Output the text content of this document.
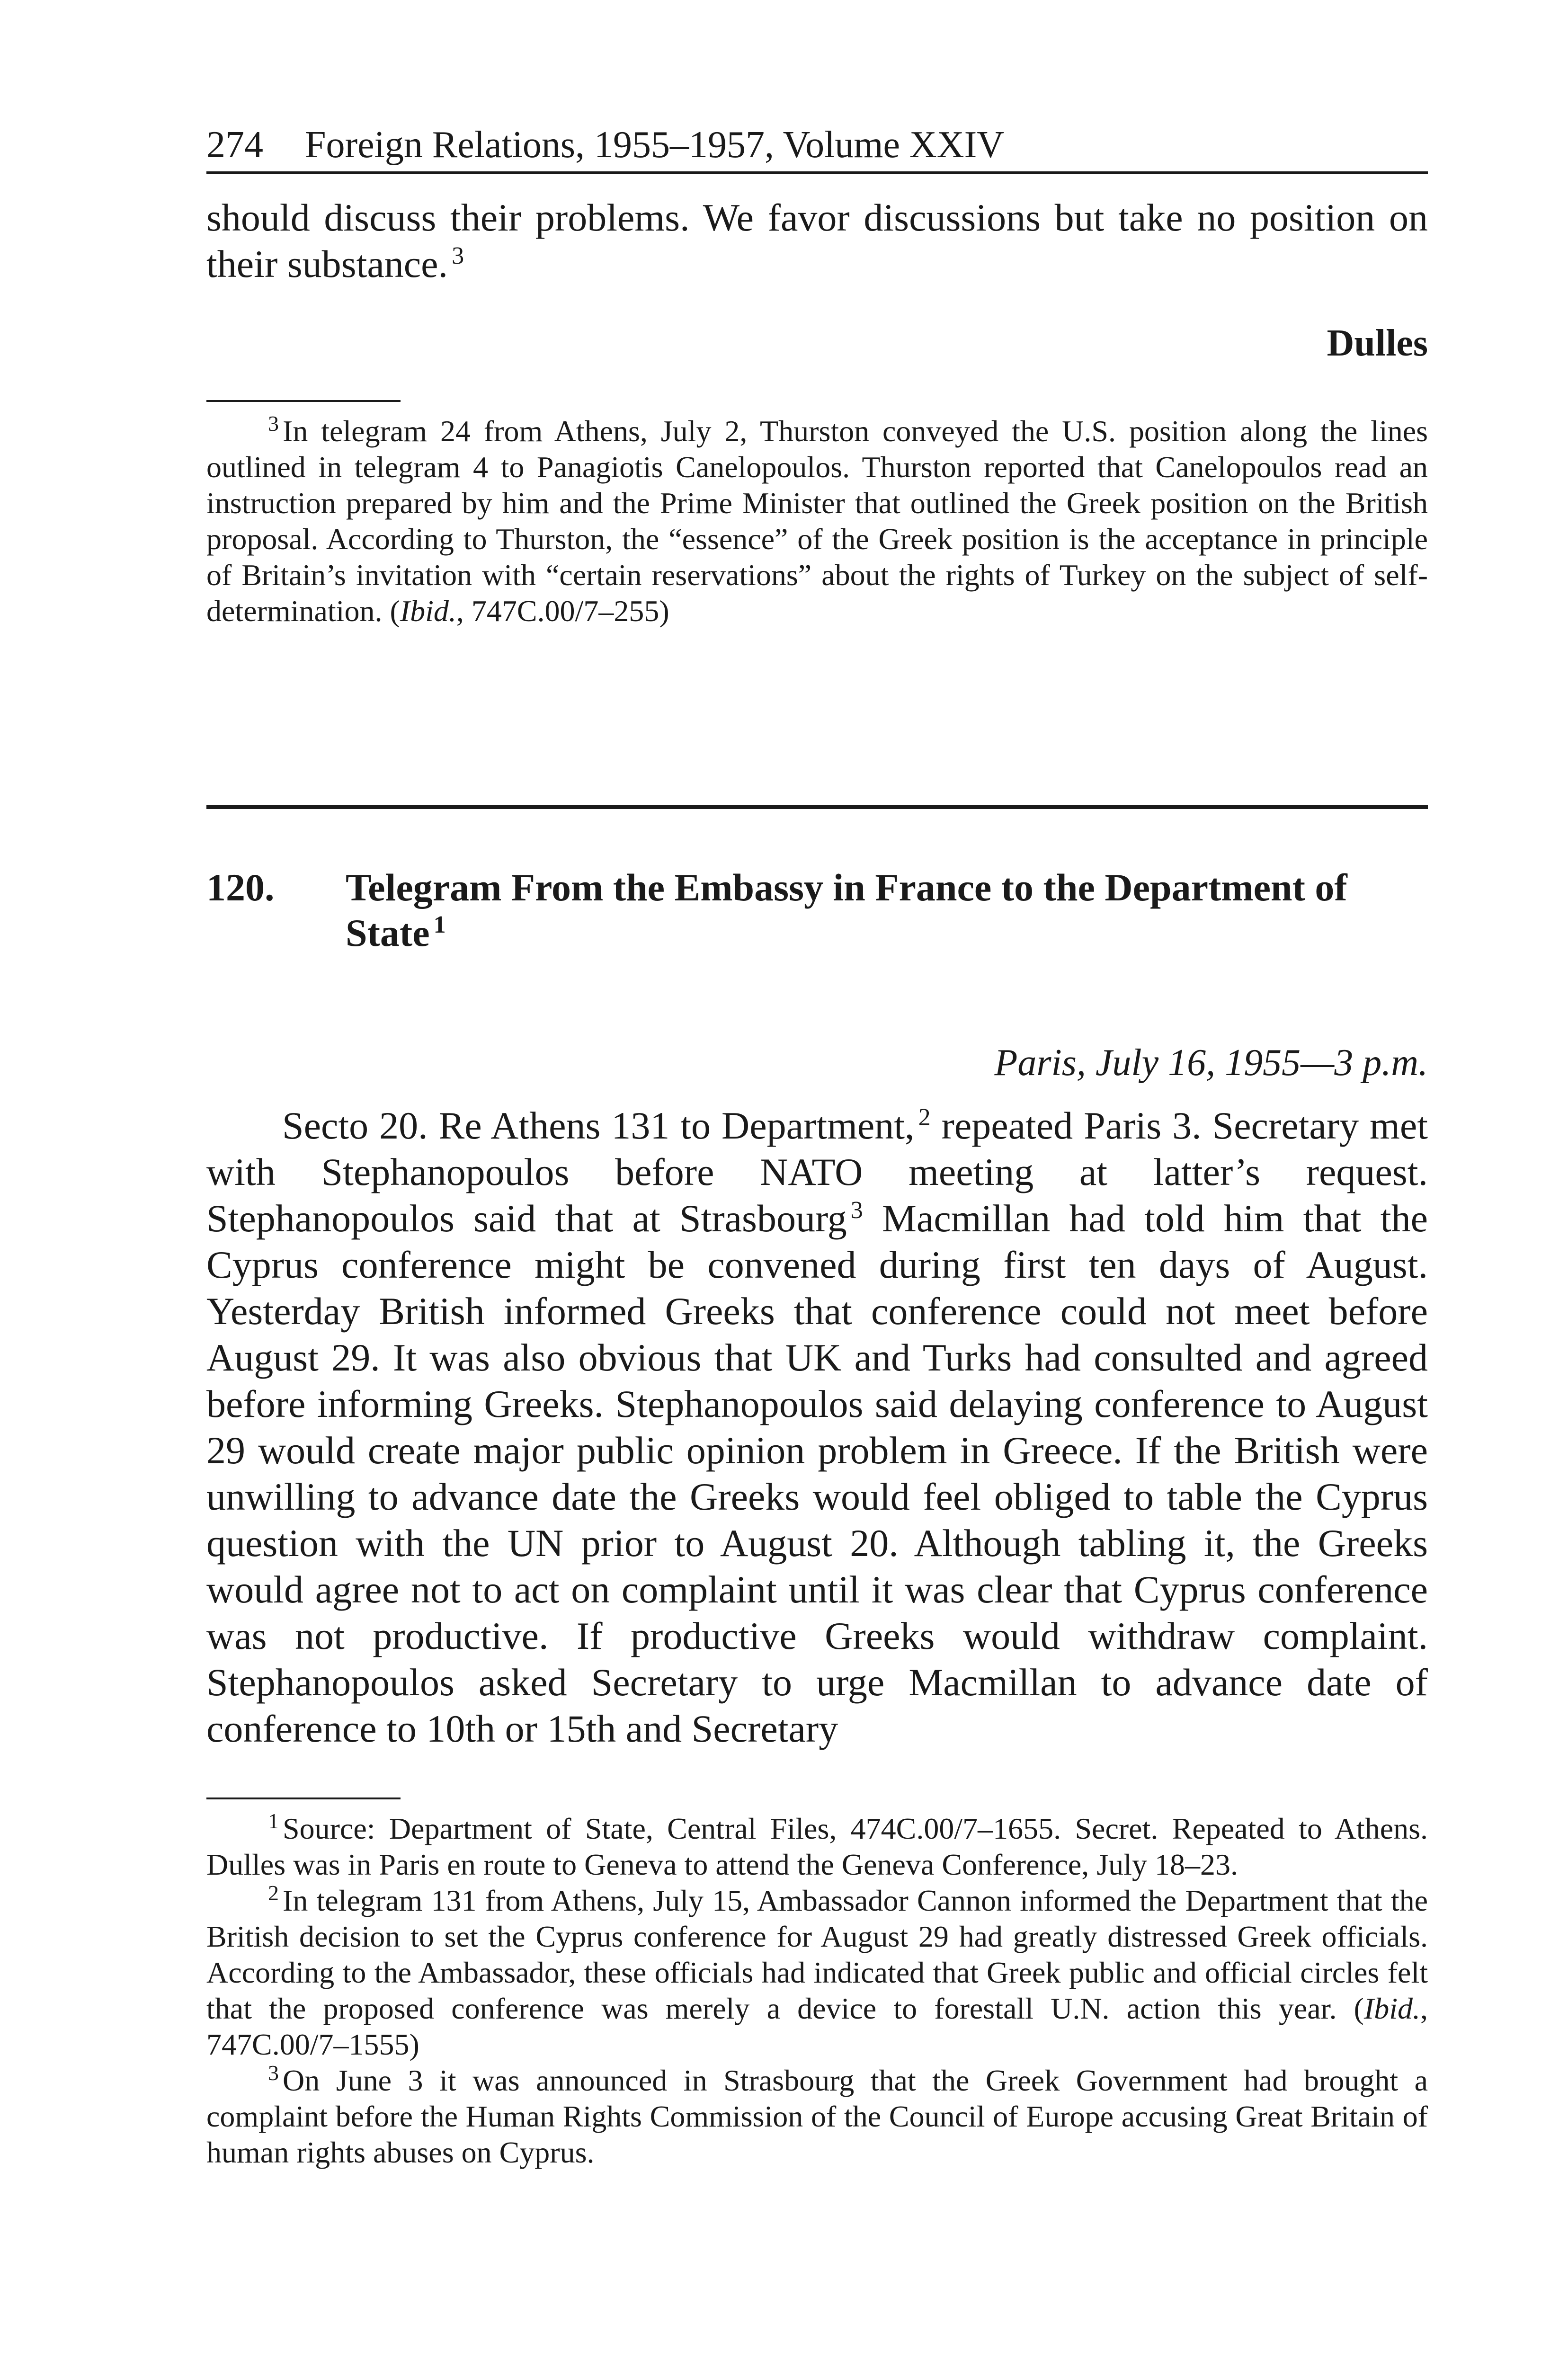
274 Foreign Relations, 1955–1957, Volume XXIV

should discuss their problems. We favor discussions but take no position on their substance. $^3$

Dulles

$^3$ In telegram 24 from Athens, July 2, Thurston conveyed the U.S. position along the lines outlined in telegram 4 to Panagiotis Canelopoulos. Thurston reported that Canelopoulos read an instruction prepared by him and the Prime Minister that outlined the Greek position on the British proposal. According to Thurston, the “essence” of the Greek position is the acceptance in principle of Britain’s invitation with “certain reservations” about the rights of Turkey on the subject of self-determination. (Ibid., 747C.00/7–255)

120.	Telegram From the Embassy in France to the Department of State $^1$
Paris, July 16, 1955—3 p.m.

Secto 20. Re Athens 131 to Department, $^2$ repeated Paris 3. Secretary met with Stephanopoulos before NATO meeting at latter’s request. Stephanopoulos said that at Strasbourg $^3$ Macmillan had told him that the Cyprus conference might be convened during first ten days of August. Yesterday British informed Greeks that conference could not meet before August 29. It was also obvious that UK and Turks had consulted and agreed before informing Greeks. Stephanopoulos said delaying conference to August 29 would create major public opinion problem in Greece. If the British were unwilling to advance date the Greeks would feel obliged to table the Cyprus question with the UN prior to August 20. Although tabling it, the Greeks would agree not to act on complaint until it was clear that Cyprus conference was not productive. If productive Greeks would withdraw complaint. Stephanopoulos asked Secretary to urge Macmillan to advance date of conference to 10th or 15th and Secretary

$^1$ Source: Department of State, Central Files, 474C.00/7–1655. Secret. Repeated to Athens. Dulles was in Paris en route to Geneva to attend the Geneva Conference, July 18–23.

$^2$ In telegram 131 from Athens, July 15, Ambassador Cannon informed the Department that the British decision to set the Cyprus conference for August 29 had greatly distressed Greek officials. According to the Ambassador, these officials had indicated that Greek public and official circles felt that the proposed conference was merely a device to forestall U.N. action this year. (Ibid., 747C.00/7–1555)

$^3$ On June 3 it was announced in Strasbourg that the Greek Government had brought a complaint before the Human Rights Commission of the Council of Europe accusing Great Britain of human rights abuses on Cyprus.
